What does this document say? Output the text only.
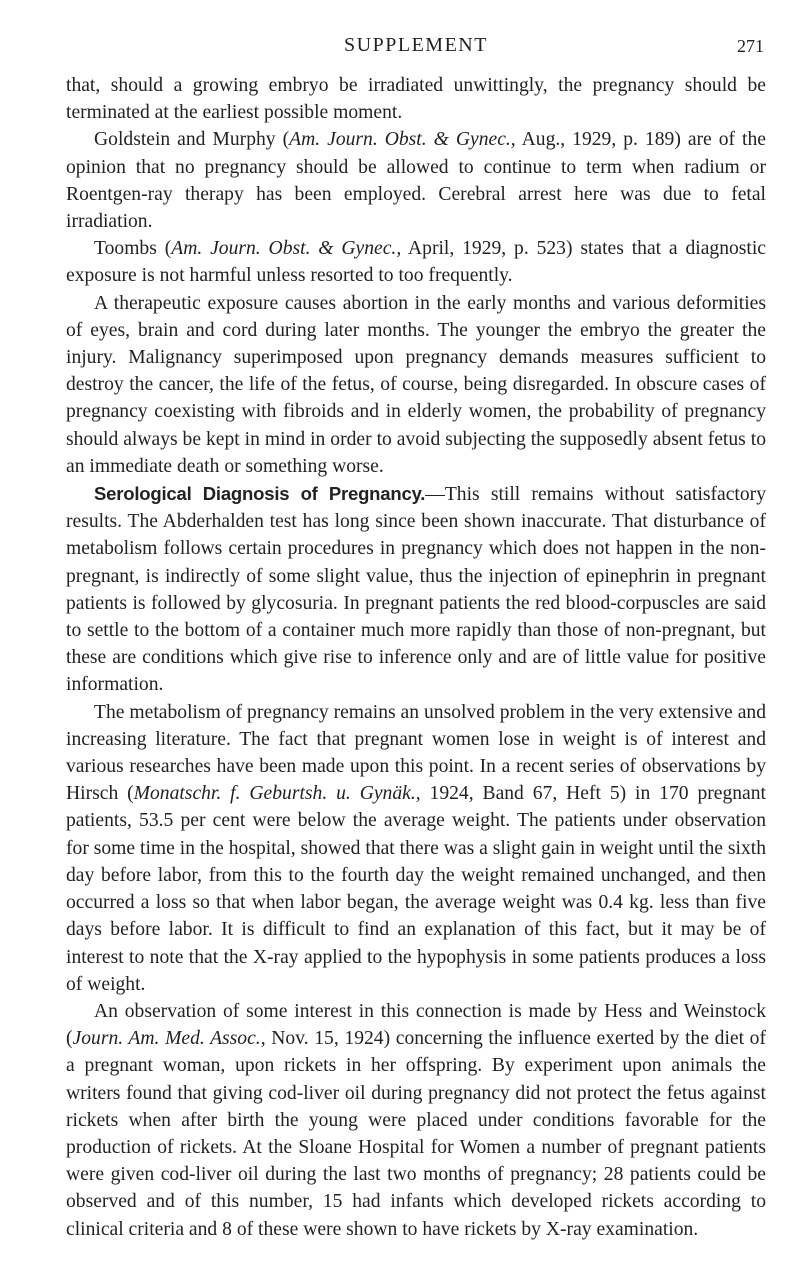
SUPPLEMENT	271

that, should a growing embryo be irradiated unwittingly, the pregnancy should be terminated at the earliest possible moment.

Goldstein and Murphy (Am. Journ. Obst. & Gynec., Aug., 1929, p. 189) are of the opinion that no pregnancy should be allowed to continue to term when radium or Roentgen-ray therapy has been employed. Cerebral arrest here was due to fetal irradiation.

Toombs (Am. Journ. Obst. & Gynec., April, 1929, p. 523) states that a diagnostic exposure is not harmful unless resorted to too frequently.

A therapeutic exposure causes abortion in the early months and various deformities of eyes, brain and cord during later months. The younger the embryo the greater the injury. Malignancy superimposed upon pregnancy demands measures sufficient to destroy the cancer, the life of the fetus, of course, being disregarded. In obscure cases of pregnancy coexisting with fibroids and in elderly women, the probability of pregnancy should always be kept in mind in order to avoid subjecting the supposedly absent fetus to an immediate death or something worse.

Serological Diagnosis of Pregnancy.—This still remains without satisfactory results. The Abderhalden test has long since been shown inaccurate. That disturbance of metabolism follows certain procedures in pregnancy which does not happen in the non-pregnant, is indirectly of some slight value, thus the injection of epinephrin in pregnant patients is followed by glycosuria. In pregnant patients the red blood-corpuscles are said to settle to the bottom of a container much more rapidly than those of non-pregnant, but these are conditions which give rise to inference only and are of little value for positive information.

The metabolism of pregnancy remains an unsolved problem in the very extensive and increasing literature. The fact that pregnant women lose in weight is of interest and various researches have been made upon this point. In a recent series of observations by Hirsch (Monatschr. f. Geburtsh. u. Gynäk., 1924, Band 67, Heft 5) in 170 pregnant patients, 53.5 per cent were below the average weight. The patients under observation for some time in the hospital, showed that there was a slight gain in weight until the sixth day before labor, from this to the fourth day the weight remained unchanged, and then occurred a loss so that when labor began, the average weight was 0.4 kg. less than five days before labor. It is difficult to find an explanation of this fact, but it may be of interest to note that the X-ray applied to the hypophysis in some patients produces a loss of weight.

An observation of some interest in this connection is made by Hess and Weinstock (Journ. Am. Med. Assoc., Nov. 15, 1924) concerning the influence exerted by the diet of a pregnant woman, upon rickets in her offspring. By experiment upon animals the writers found that giving cod-liver oil during pregnancy did not protect the fetus against rickets when after birth the young were placed under conditions favorable for the production of rickets. At the Sloane Hospital for Women a number of pregnant patients were given cod-liver oil during the last two months of pregnancy; 28 patients could be observed and of this number, 15 had infants which developed rickets according to clinical criteria and 8 of these were shown to have rickets by X-ray examination.
